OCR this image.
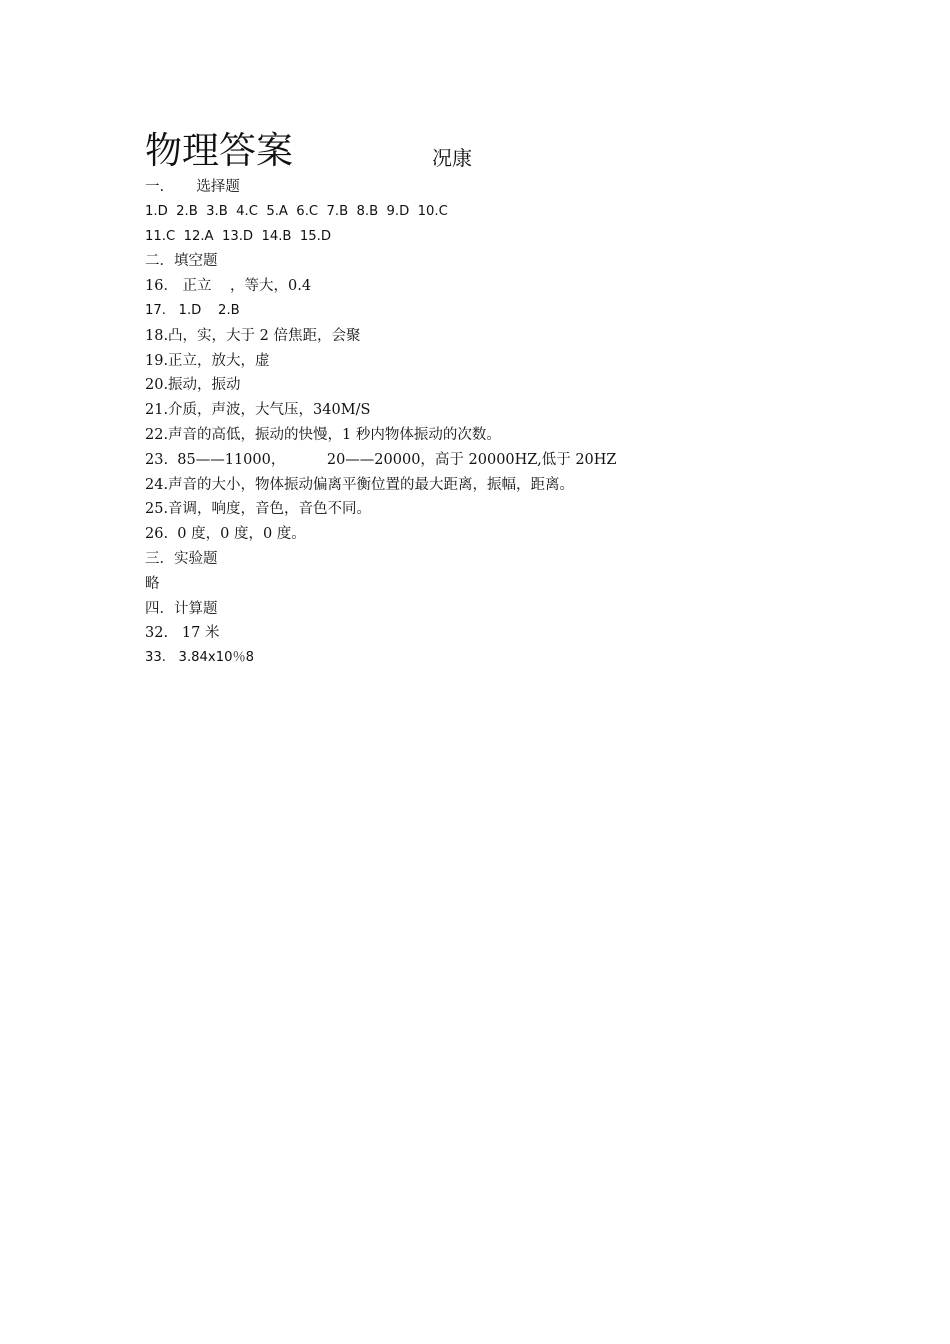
物理答案	况康
一.       选择题
1.D  2.B  3.B  4.C  5.A  6.C  7.B  8.B  9.D  10.C
11.C  12.A  13.D  14.B  15.D
二．填空题
16． 正立    ，等大，0.4
17.   1.D    2.B
18.凸，实，大于 2 倍焦距，会聚
19.正立，放大，虚
20.振动，振动
21.介质，声波，大气压，340M/S
22.声音的高低，振动的快慢，1 秒内物体振动的次数。
23.  85——11000，         20——20000，高于 20000HZ,低于 20HZ
24.声音的大小，物体振动偏离平衡位置的最大距离，振幅，距离。
25.音调，响度，音色，音色不同。
26.  0 度，0 度，0 度。
三．实验题
略
四．计算题
32.   17 米
33.   3.84x10％8
